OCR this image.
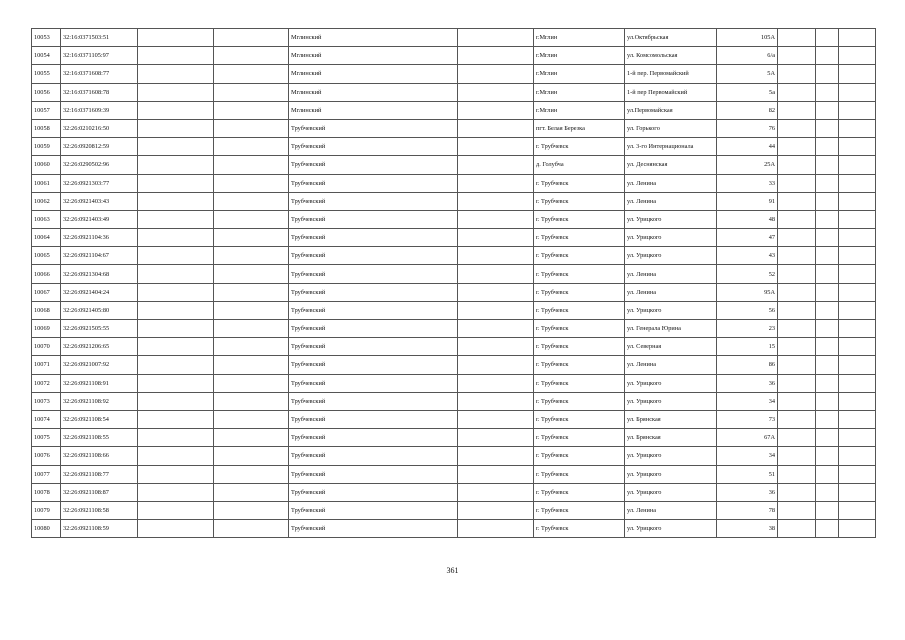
10053	32:16:0371503:51			Мглинский		г.Мглин	ул.Октябрьская	105А			
10054	32:16:0371105:97			Мглинский		г.Мглин	ул. Комсомольская	6/а			
10055	32:16:0371608:77			Мглинский		г.Мглин	1-й пер. Первомайский	5А			
10056	32:16:0371608:78			Мглинский		г.Мглин	1-й пер Первомайский	5а			
10057	32:16:0371609:39			Мглинский		г.Мглин	ул.Первомайская	82			
10058	32:26:0210216:50			Трубчевский		пгт. Белая Березка	ул. Горького	76			
10059	32:26:0920812:59			Трубчевский		г. Трубчевск	ул. 3-го Интернационала	44			
10060	32:26:0290502:96			Трубчевский		д. Голубча	ул. Деснянская	25А			
10061	32:26:0921303:77			Трубчевский		г. Трубчевск	ул. Ленина	33			
10062	32:26:0921403:43			Трубчевский		г. Трубчевск	ул. Ленина	91			
10063	32:26:0921403:49			Трубчевский		г. Трубчевск	ул. Урицкого	48			
10064	32:26:0921104:36			Трубчевский		г. Трубчевск	ул. Урицкого	47			
10065	32:26:0921104:67			Трубчевский		г. Трубчевск	ул. Урицкого	43			
10066	32:26:0921304:68			Трубчевский		г. Трубчевск	ул. Ленина	52			
10067	32:26:0921404:24			Трубчевский		г. Трубчевск	ул. Ленина	95А			
10068	32:26:0921405:80			Трубчевский		г. Трубчевск	ул. Урицкого	56			
10069	32:26:0921505:55			Трубчевский		г. Трубчевск	ул. Генерала Юрина	23			
10070	32:26:0921206:65			Трубчевский		г. Трубчевск	ул. Северная	15			
10071	32:26:0921007:92			Трубчевский		г. Трубчевск	ул. Ленина	86			
10072	32:26:0921108:91			Трубчевский		г. Трубчевск	ул. Урицкого	36			
10073	32:26:0921108:92			Трубчевский		г. Трубчевск	ул. Урицкого	34			
10074	32:26:0921108:54			Трубчевский		г. Трубчевск	ул. Брянская	73			
10075	32:26:0921108:55			Трубчевский		г. Трубчевск	ул. Брянская	67А			
10076	32:26:0921108:66			Трубчевский		г. Трубчевск	ул. Урицкого	34			
10077	32:26:0921108:77			Трубчевский		г. Трубчевск	ул. Урицкого	51			
10078	32:26:0921108:87			Трубчевский		г. Трубчевск	ул. Урицкого	36			
10079	32:26:0921108:58			Трубчевский		г. Трубчевск	ул. Ленина	78			
10080	32:26:0921108:59			Трубчевский		г. Трубчевск	ул. Урицкого	38			
361
